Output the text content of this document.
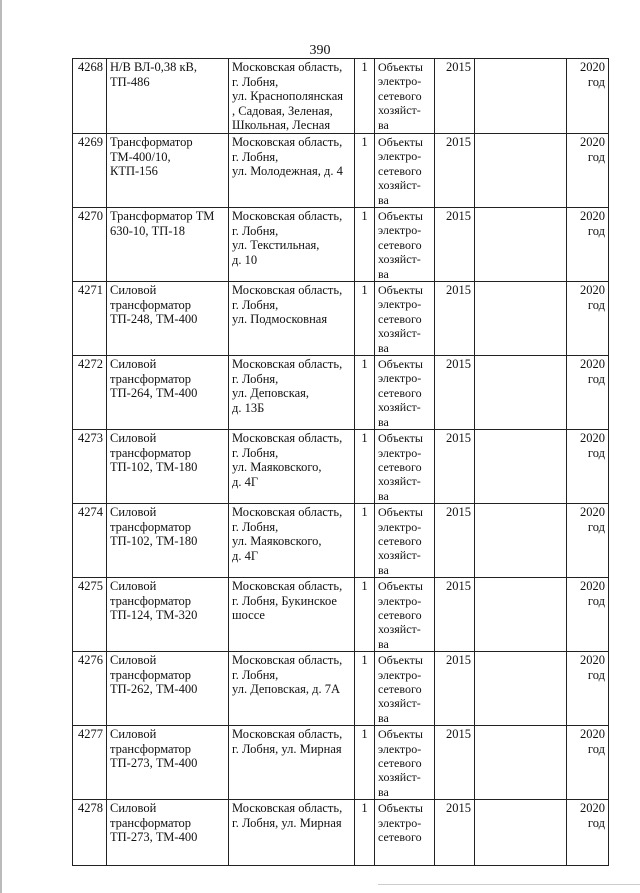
390
4268	Н/В ВЛ-0,38 кВ,
ТП-486	Московская область,
г. Лобня,
ул. Краснополянская
, Садовая, Зеленая,
Школьная, Лесная	1	Объекты
электро-
сетевого
хозяйст-
ва	2015		2020
год
4269	Трансформатор
ТМ-400/10,
КТП-156	Московская область,
г. Лобня,
ул. Молодежная, д. 4	1	Объекты
электро-
сетевого
хозяйст-
ва	2015		2020
год
4270	Трансформатор ТМ
630-10, ТП-18	Московская область,
г. Лобня,
ул. Текстильная,
д. 10	1	Объекты
электро-
сетевого
хозяйст-
ва	2015		2020
год
4271	Силовой
трансформатор
ТП-248, ТМ-400	Московская область,
г. Лобня,
ул. Подмосковная	1	Объекты
электро-
сетевого
хозяйст-
ва	2015		2020
год
4272	Силовой
трансформатор
ТП-264, ТМ-400	Московская область,
г. Лобня,
ул. Деповская,
д. 13Б	1	Объекты
электро-
сетевого
хозяйст-
ва	2015		2020
год
4273	Силовой
трансформатор
ТП-102, ТМ-180	Московская область,
г. Лобня,
ул. Маяковского,
д. 4Г	1	Объекты
электро-
сетевого
хозяйст-
ва	2015		2020
год
4274	Силовой
трансформатор
ТП-102, ТМ-180	Московская область,
г. Лобня,
ул. Маяковского,
д. 4Г	1	Объекты
электро-
сетевого
хозяйст-
ва	2015		2020
год
4275	Силовой
трансформатор
ТП-124, ТМ-320	Московская область,
г. Лобня, Букинское
шоссе	1	Объекты
электро-
сетевого
хозяйст-
ва	2015		2020
год
4276	Силовой
трансформатор
ТП-262, ТМ-400	Московская область,
г. Лобня,
ул. Деповская, д. 7А	1	Объекты
электро-
сетевого
хозяйст-
ва	2015		2020
год
4277	Силовой
трансформатор
ТП-273, ТМ-400	Московская область,
г. Лобня, ул. Мирная	1	Объекты
электро-
сетевого
хозяйст-
ва	2015		2020
год
4278	Силовой
трансформатор
ТП-273, ТМ-400	Московская область,
г. Лобня, ул. Мирная	1	Объекты
электро-
сетевого	2015		2020
год
